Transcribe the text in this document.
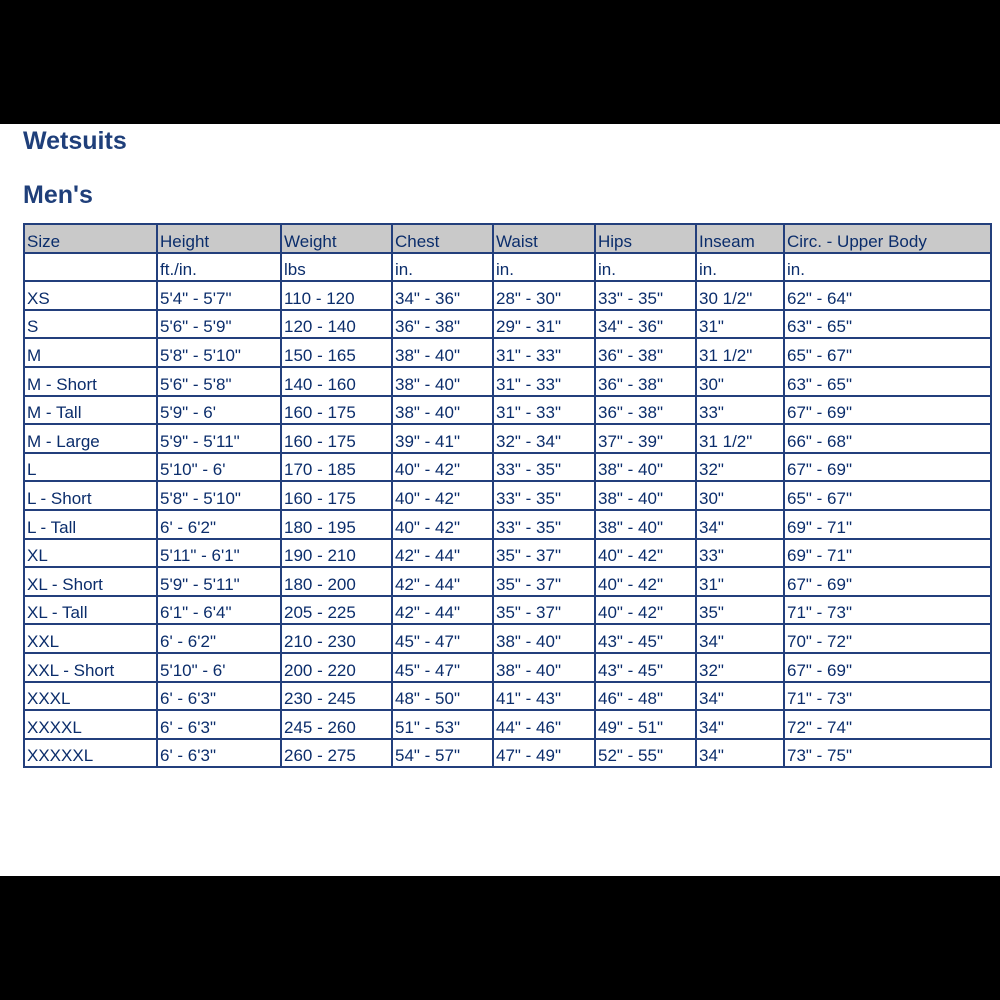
Wetsuits
Men's
Size	Height	Weight	Chest	Waist	Hips	Inseam	Circ. - Upper Body
	ft./in.	lbs	in.	in.	in.	in.	in.
XS	5'4" - 5'7"	110 - 120	34" - 36"	28" - 30"	33" - 35"	30 1/2"	62" - 64"
S	5'6" - 5'9"	120 - 140	36" - 38"	29" - 31"	34" - 36"	31"	63" - 65"
M	5'8" - 5'10"	150 - 165	38" - 40"	31" - 33"	36" - 38"	31 1/2"	65" - 67"
M - Short	5'6" - 5'8"	140 - 160	38" - 40"	31" - 33"	36" - 38"	30"	63" - 65"
M - Tall	5'9" - 6'	160 - 175	38" - 40"	31" - 33"	36" - 38"	33"	67" - 69"
M - Large	5'9" - 5'11"	160 - 175	39" - 41"	32" - 34"	37" - 39"	31 1/2"	66" - 68"
L	5'10" - 6'	170 - 185	40" - 42"	33" - 35"	38" - 40"	32"	67" - 69"
L - Short	5'8" - 5'10"	160 - 175	40" - 42"	33" - 35"	38" - 40"	30"	65" - 67"
L - Tall	6' - 6'2"	180 - 195	40" - 42"	33" - 35"	38" - 40"	34"	69" - 71"
XL	5'11" - 6'1"	190 - 210	42" - 44"	35" - 37"	40" - 42"	33"	69" - 71"
XL - Short	5'9" - 5'11"	180 - 200	42" - 44"	35" - 37"	40" - 42"	31"	67" - 69"
XL - Tall	6'1" - 6'4"	205 - 225	42" - 44"	35" - 37"	40" - 42"	35"	71" - 73"
XXL	6' - 6'2"	210 - 230	45" - 47"	38" - 40"	43" - 45"	34"	70" - 72"
XXL - Short	5'10" - 6'	200 - 220	45" - 47"	38" - 40"	43" - 45"	32"	67" - 69"
XXXL	6' - 6'3"	230 - 245	48" - 50"	41" - 43"	46" - 48"	34"	71" - 73"
XXXXL	6' - 6'3"	245 - 260	51" - 53"	44" - 46"	49" - 51"	34"	72" - 74"
XXXXXL	6' - 6'3"	260 - 275	54" - 57"	47" - 49"	52" - 55"	34"	73" - 75"
